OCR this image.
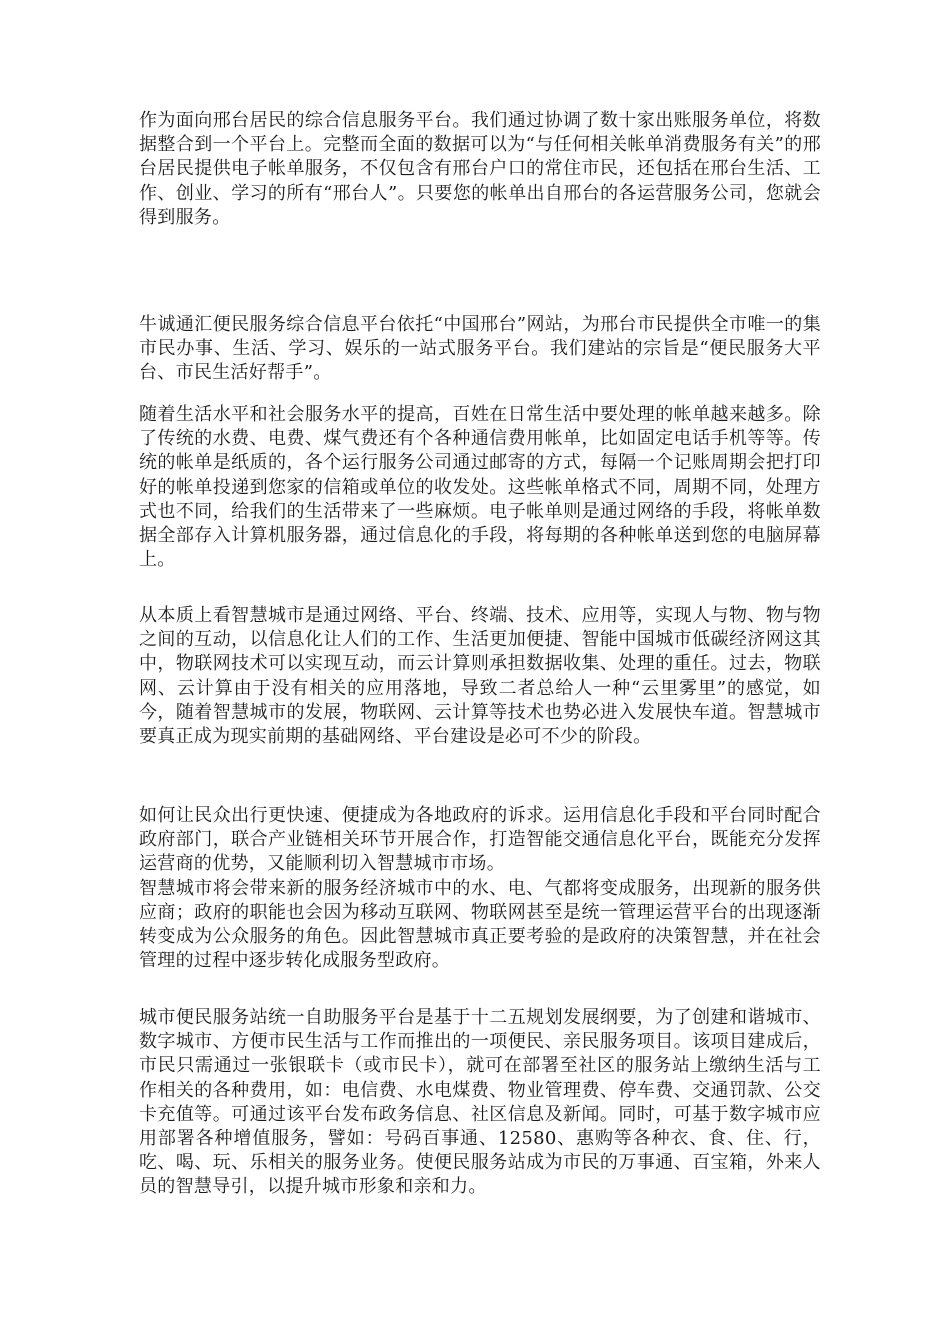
作为面向邢台居民的综合信息服务平台。我们通过协调了数十家出账服务单位，将数据整合到一个平台上。完整而全面的数据可以为“与任何相关帐单消费服务有关”的邢台居民提供电子帐单服务，不仅包含有邢台户口的常住市民，还包括在邢台生活、工作、创业、学习的所有“邢台人”。只要您的帐单出自邢台的各运营服务公司，您就会得到服务。

牛诚通汇便民服务综合信息平台依托“中国邢台”网站，为邢台市民提供全市唯一的集市民办事、生活、学习、娱乐的一站式服务平台。我们建站的宗旨是“便民服务大平台、市民生活好帮手”。

随着生活水平和社会服务水平的提高，百姓在日常生活中要处理的帐单越来越多。除了传统的水费、电费、煤气费还有个各种通信费用帐单，比如固定电话手机等等。传统的帐单是纸质的，各个运行服务公司通过邮寄的方式，每隔一个记账周期会把打印好的帐单投递到您家的信箱或单位的收发处。这些帐单格式不同，周期不同，处理方式也不同，给我们的生活带来了一些麻烦。电子帐单则是通过网络的手段，将帐单数据全部存入计算机服务器，通过信息化的手段，将每期的各种帐单送到您的电脑屏幕上。

从本质上看智慧城市是通过网络、平台、终端、技术、应用等，实现人与物、物与物之间的互动，以信息化让人们的工作、生活更加便捷、智能中国城市低碳经济网这其中，物联网技术可以实现互动，而云计算则承担数据收集、处理的重任。过去，物联网、云计算由于没有相关的应用落地，导致二者总给人一种“云里雾里”的感觉，如今，随着智慧城市的发展，物联网、云计算等技术也势必进入发展快车道。智慧城市要真正成为现实前期的基础网络、平台建设是必可不少的阶段。

如何让民众出行更快速、便捷成为各地政府的诉求。运用信息化手段和平台同时配合政府部门，联合产业链相关环节开展合作，打造智能交通信息化平台，既能充分发挥运营商的优势，又能顺利切入智慧城市市场。
智慧城市将会带来新的服务经济城市中的水、电、气都将变成服务，出现新的服务供应商；政府的职能也会因为移动互联网、物联网甚至是统一管理运营平台的出现逐渐转变成为公众服务的角色。因此智慧城市真正要考验的是政府的决策智慧，并在社会管理的过程中逐步转化成服务型政府。

城市便民服务站统一自助服务平台是基于十二五规划发展纲要，为了创建和谐城市、数字城市、方便市民生活与工作而推出的一项便民、亲民服务项目。该项目建成后，市民只需通过一张银联卡（或市民卡），就可在部署至社区的服务站上缴纳生活与工作相关的各种费用，如：电信费、水电煤费、物业管理费、停车费、交通罚款、公交卡充值等。可通过该平台发布政务信息、社区信息及新闻。同时，可基于数字城市应用部署各种增值服务，譬如：号码百事通、12580、惠购等各种衣、食、住、行，吃、喝、玩、乐相关的服务业务。使便民服务站成为市民的万事通、百宝箱，外来人员的智慧导引，以提升城市形象和亲和力。
